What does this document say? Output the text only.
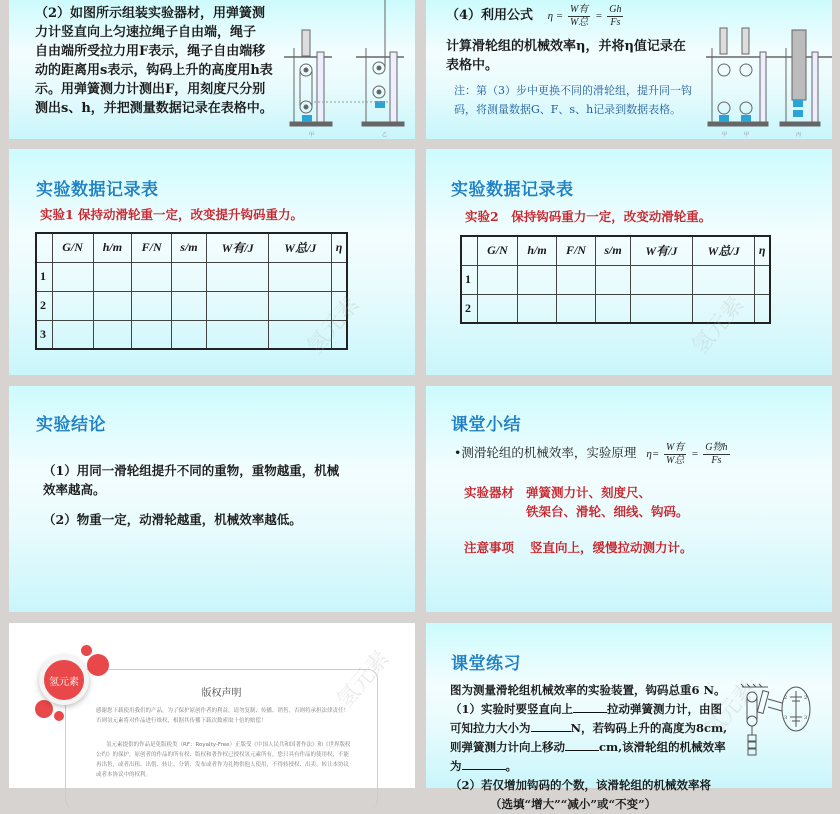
（2）如图所示组装实验器材，用弹簧测
力计竖直向上匀速拉绳子自由端，绳子
自由端所受拉力用F表示，绳子自由端移
动的距离用s表示，钩码上升的高度用h表
示。用弹簧测力计测出F，用刻度尺分别
测出s、h，并把测量数据记录在表格中。
甲	乙
（4）利用公式 $\eta = \frac{\text{W有}}{\text{W总}} = \frac{Gh}{Fs}$
计算滑轮组的机械效率η，并将η值记录在
表格中。
注：第（3）步中更换不同的滑轮组，提升同一钩
码，将测量数据G、F、s、h记录到数据表格。
甲	甲	丙
实验数据记录表
实验1 保持动滑轮重一定，改变提升钩码重力。
	G/N	h/m	F/N	s/m	W有/J	W总/J	η
1							
2							
3								氢元素
实验数据记录表
实验2　保持钩码重力一定，改变动滑轮重。
	G/N	h/m	F/N	s/m	W有/J	W总/J	η
1							
2								氢元素
实验结论
（1）用同一滑轮组提升不同的重物，重物越重，机械
效率越高。
（2）物重一定，动滑轮越重，机械效率越低。
课堂小结
•测滑轮组的机械效率，实验原理 $\eta= \frac{\text{W有}}{\text{W总}} = \frac{\text{G物h}}{Fs}$
实验器材 弹簧测力计、刻度尺、
铁架台、滑轮、细线、钩码。
注意事项 竖直向上，缓慢拉动测力计。
版权声明
感谢您下载使用我们的产品，为了保护原创作者的利益，请勿复制、传播、销售，否则将承担法律责任！否则氢元素将对作品进行维权，根据其传播下载次数索取十倍的赔偿！
氢元素提供的作品是免版税类（RF：Royalty-Free）正版受《中国人民共和国著作法》和《世界版权公约》的保护，原创者的作品的所有权、版权和著作权已授权氢元素所有，您只具有作品的使用权，不能再出售，或者出租、出借、转让、分销、发布或者作为礼物供他人使用，不得转授权、出卖、转让本协议或者本协议中的权利。
氢元素	氢元素	课堂练习
图为测量滑轮组机械效率的实验装置，钩码总重6 N。
（1）实验时要竖直向上	拉动弹簧测力计，由图
可知拉力大小为	N，若钩码上升的高度为8cm,
则弹簧测力计向上移动	cm,该滑轮组的机械效率
为	。
（2）若仅增加钩码的个数，该滑轮组的机械效率将
（选填“增大”“减小”或“不变”）
2	2
3	3
氢元素
